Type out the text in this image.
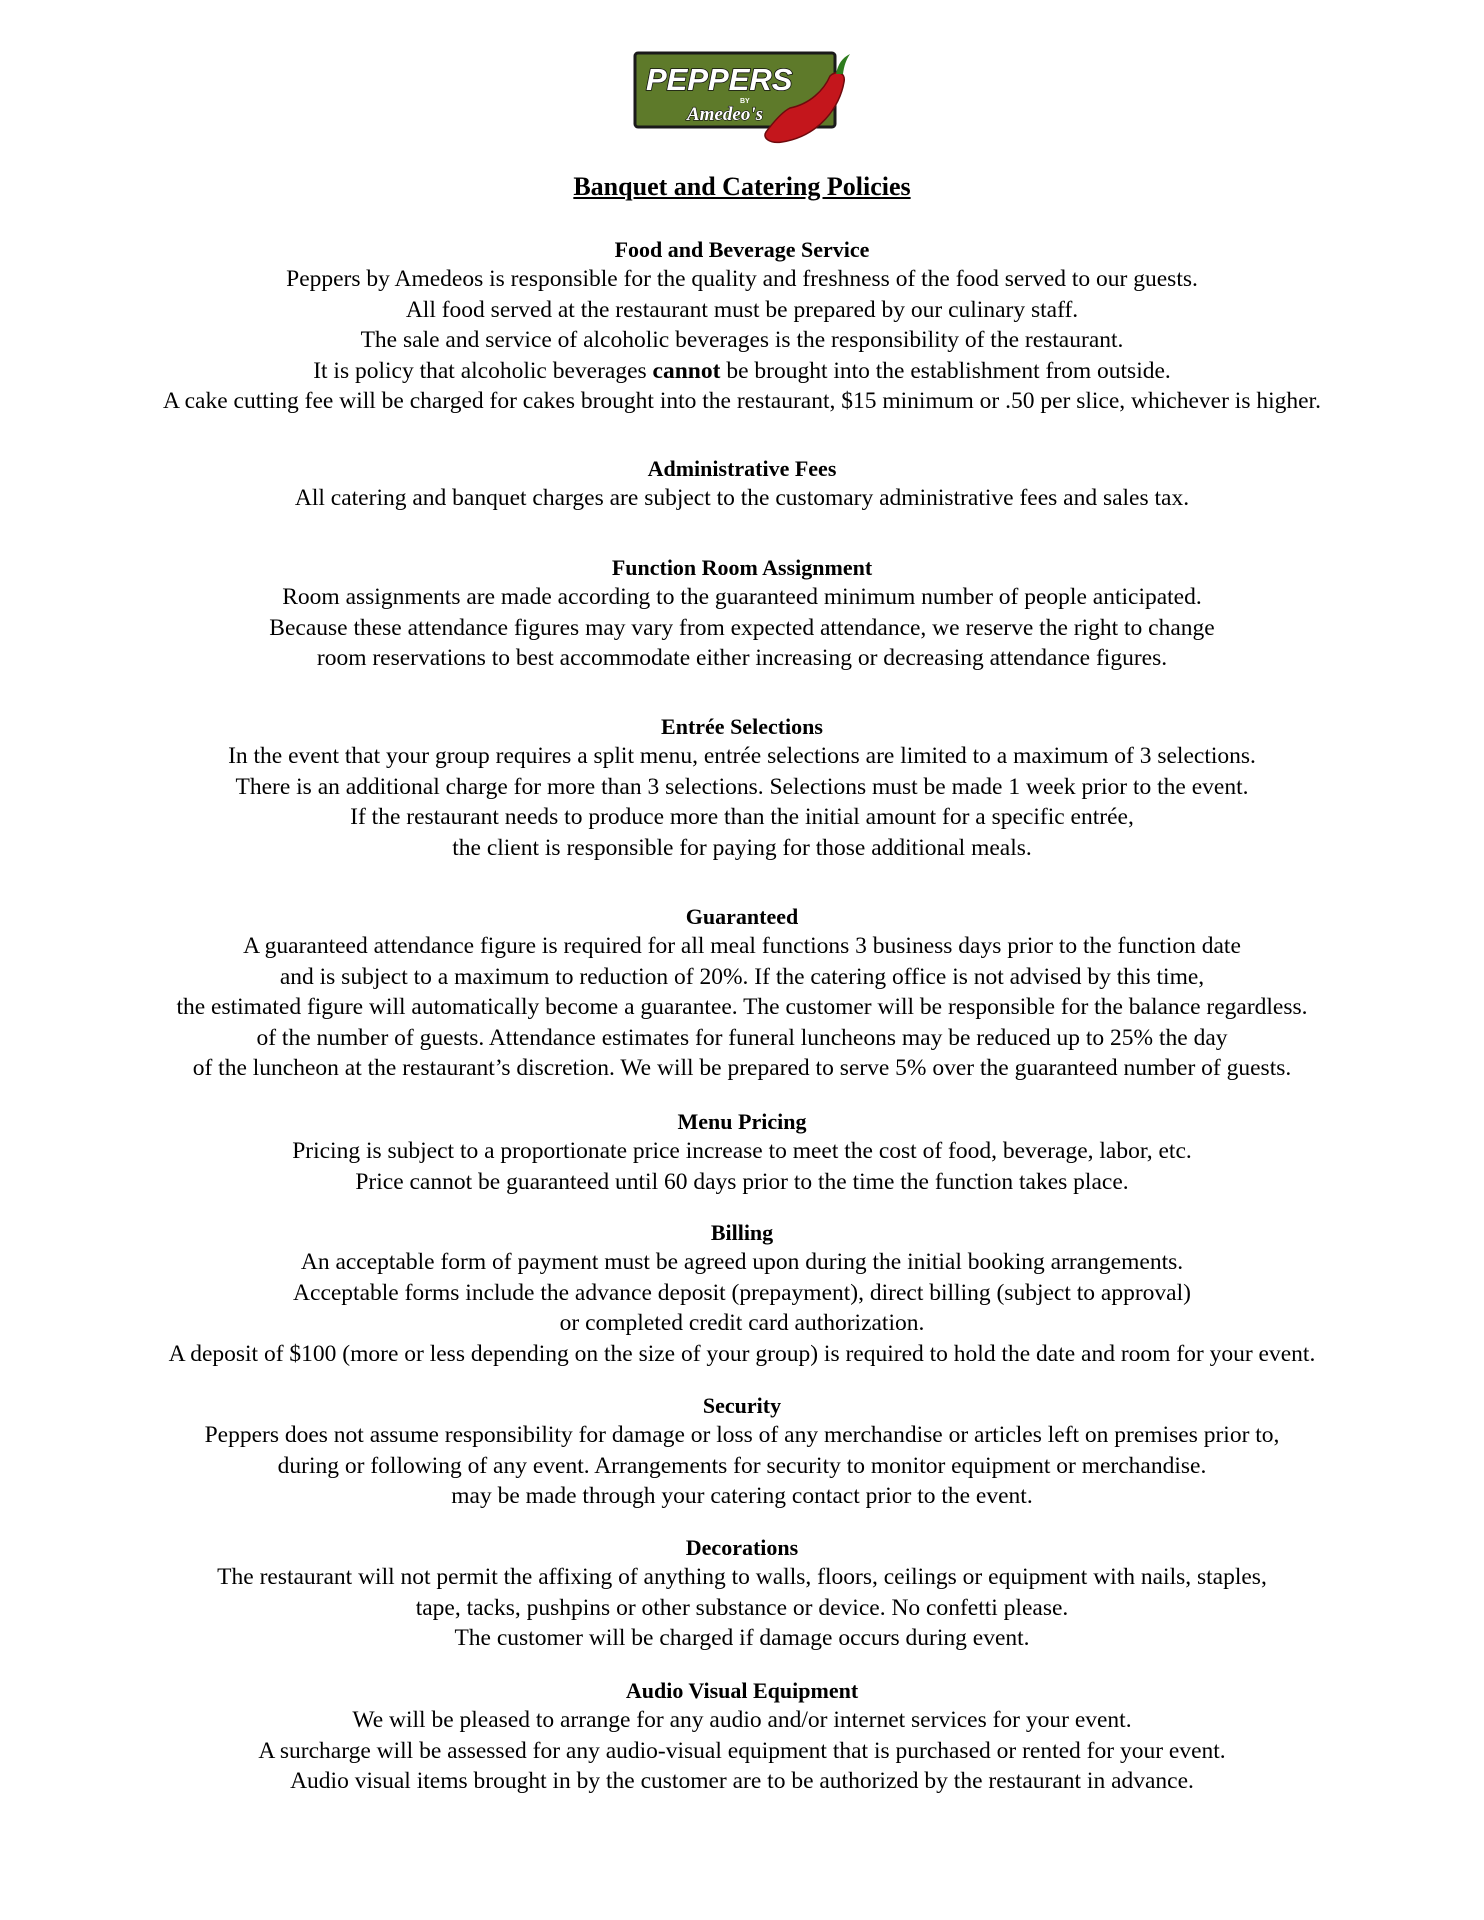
PEPPERS
BY
Amedeo's
Banquet and Catering Policies
Food and Beverage Service

Peppers by Amedeos is responsible for the quality and freshness of the food served to our guests.

All food served at the restaurant must be prepared by our culinary staff.

The sale and service of alcoholic beverages is the responsibility of the restaurant.

It is policy that alcoholic beverages cannot be brought into the establishment from outside.

A cake cutting fee will be charged for cakes brought into the restaurant, $15 minimum or .50 per slice, whichever is higher.

Administrative Fees

All catering and banquet charges are subject to the customary administrative fees and sales tax.

Function Room Assignment

Room assignments are made according to the guaranteed minimum number of people anticipated.

Because these attendance figures may vary from expected attendance, we reserve the right to change

room reservations to best accommodate either increasing or decreasing attendance figures.

Entrée Selections

In the event that your group requires a split menu, entrée selections are limited to a maximum of 3 selections.

There is an additional charge for more than 3 selections. Selections must be made 1 week prior to the event.

If the restaurant needs to produce more than the initial amount for a specific entrée,

the client is responsible for paying for those additional meals.

Guaranteed

A guaranteed attendance figure is required for all meal functions 3 business days prior to the function date

and is subject to a maximum to reduction of 20%. If the catering office is not advised by this time,

the estimated figure will automatically become a guarantee. The customer will be responsible for the balance regardless.

of the number of guests. Attendance estimates for funeral luncheons may be reduced up to 25% the day

of the luncheon at the restaurant’s discretion. We will be prepared to serve 5% over the guaranteed number of guests.

Menu Pricing

Pricing is subject to a proportionate price increase to meet the cost of food, beverage, labor, etc.

Price cannot be guaranteed until 60 days prior to the time the function takes place.

Billing

An acceptable form of payment must be agreed upon during the initial booking arrangements.

Acceptable forms include the advance deposit (prepayment), direct billing (subject to approval)

or completed credit card authorization.

A deposit of $100 (more or less depending on the size of your group) is required to hold the date and room for your event.

Security

Peppers does not assume responsibility for damage or loss of any merchandise or articles left on premises prior to,

during or following of any event. Arrangements for security to monitor equipment or merchandise.

may be made through your catering contact prior to the event.

Decorations

The restaurant will not permit the affixing of anything to walls, floors, ceilings or equipment with nails, staples,

tape, tacks, pushpins or other substance or device. No confetti please.

The customer will be charged if damage occurs during event.

Audio Visual Equipment

We will be pleased to arrange for any audio and/or internet services for your event.

A surcharge will be assessed for any audio-visual equipment that is purchased or rented for your event.

Audio visual items brought in by the customer are to be authorized by the restaurant in advance.
